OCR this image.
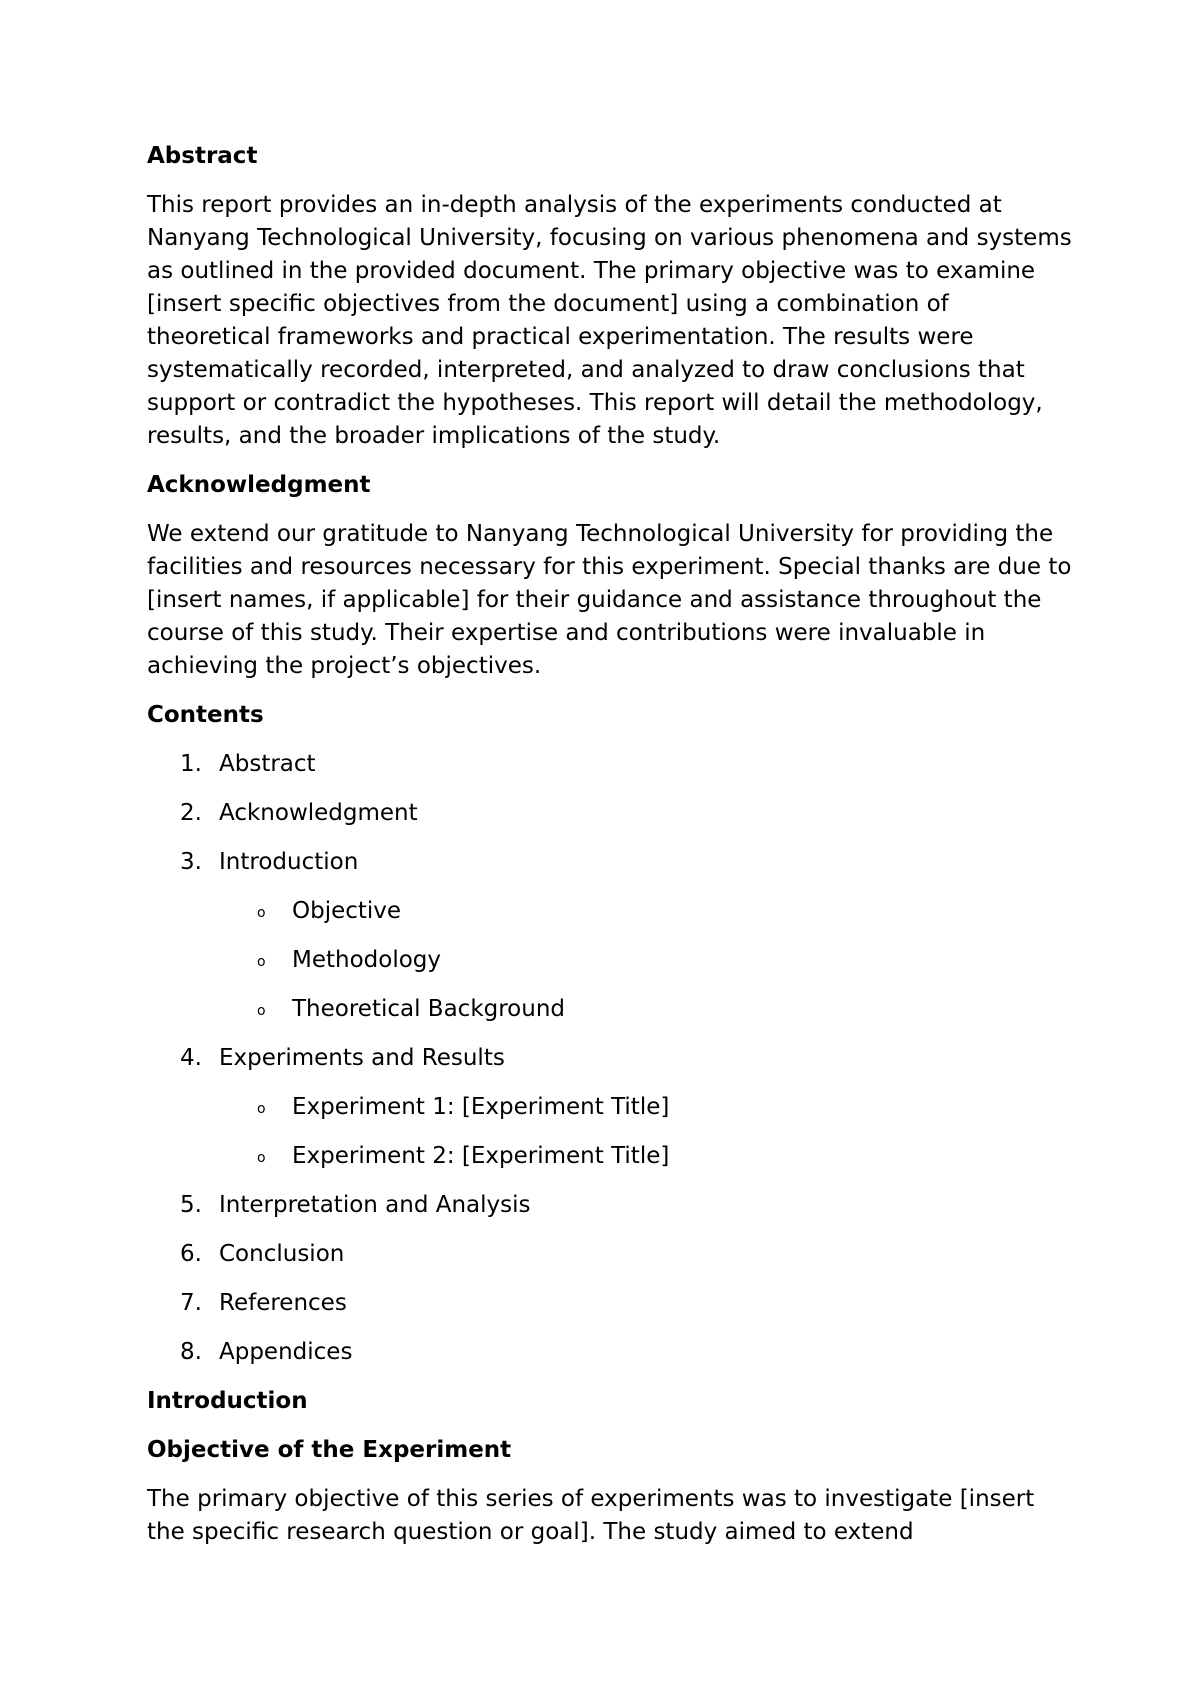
Abstract
This report provides an in-depth analysis of the experiments conducted at Nanyang Technological University, focusing on various phenomena and systems as outlined in the provided document. The primary objective was to examine [insert specific objectives from the document] using a combination of theoretical frameworks and practical experimentation. The results were systematically recorded, interpreted, and analyzed to draw conclusions that support or contradict the hypotheses. This report will detail the methodology, results, and the broader implications of the study.
Acknowledgment
We extend our gratitude to Nanyang Technological University for providing the facilities and resources necessary for this experiment. Special thanks are due to [insert names, if applicable] for their guidance and assistance throughout the course of this study. Their expertise and contributions were invaluable in achieving the project’s objectives.
Contents
1. Abstract
2. Acknowledgment
3. Introduction
o Objective
o Methodology
o Theoretical Background
4. Experiments and Results
o Experiment 1: [Experiment Title]
o Experiment 2: [Experiment Title]
5. Interpretation and Analysis
6. Conclusion
7. References
8. Appendices
Introduction
Objective of the Experiment
The primary objective of this series of experiments was to investigate [insert the specific research question or goal]. The study aimed to extend
